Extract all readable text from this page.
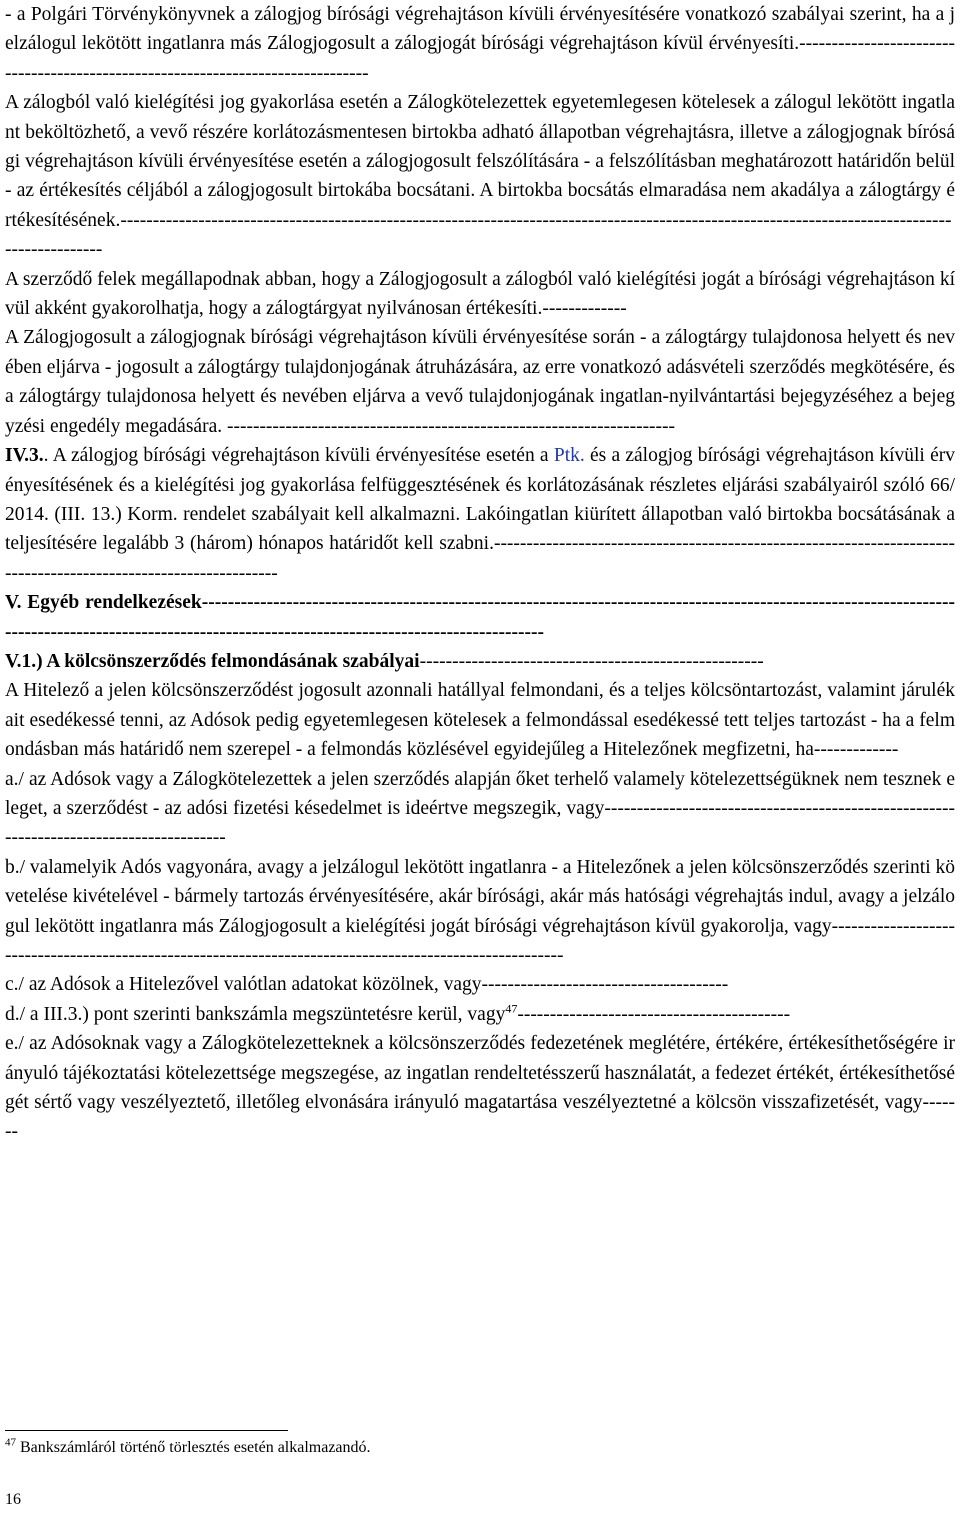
- a Polgári Törvénykönyvnek a zálogjog bírósági végrehajtáson kívüli érvényesítésére vonatkozó szabályai szerint, ha a jelzálogul lekötött ingatlanra más Zálogjogosult a zálogjogát bírósági végrehajtáson kívül érvényesíti.--------------------------------------------------------------------------------

A zálogból való kielégítési jog gyakorlása esetén a Zálogkötelezettek egyetemlegesen kötelesek a zálogul lekötött ingatlant beköltözhető, a vevő részére korlátozásmentesen birtokba adható állapotban végrehajtásra, illetve a zálogjognak bírósági végrehajtáson kívüli érvényesítése esetén a zálogjogosult felszólítására - a felszólításban meghatározott határidőn belül - az értékesítés céljából a zálogjogosult birtokába bocsátani. A birtokba bocsátás elmaradása nem akadálya a zálogtárgy értékesítésének.-----------------------------------------------------------------------------------------------------------------------------------------------

A szerződő felek megállapodnak abban, hogy a Zálogjogosult a zálogból való kielégítési jogát a bírósági végrehajtáson kívül akként gyakorolhatja, hogy a zálogtárgyat nyilvánosan értékesíti.-------------

A Zálogjogosult a zálogjognak bírósági végrehajtáson kívüli érvényesítése során - a zálogtárgy tulajdonosa helyett és nevében eljárva - jogosult a zálogtárgy tulajdonjogának átruházására, az erre vonatkozó adásvételi szerződés megkötésére, és a zálogtárgy tulajdonosa helyett és nevében eljárva a vevő tulajdonjogának ingatlan-nyilvántartási bejegyzéséhez a bejegyzési engedély megadására. ---------------------------------------------------------------------

IV.3.. A zálogjog bírósági végrehajtáson kívüli érvényesítése esetén a Ptk. és a zálogjog bírósági végrehajtáson kívüli érvényesítésének és a kielégítési jog gyakorlása felfüggesztésének és korlátozásának részletes eljárási szabályairól szóló 66/2014. (III. 13.) Korm. rendelet szabályait kell alkalmazni. Lakóingatlan kiürített állapotban való birtokba bocsátásának a teljesítésére legalább 3 (három) hónapos határidőt kell szabni.-----------------------------------------------------------------------------------------------------------------

V. Egyéb rendelkezések-------------------------------------------------------------------------------------------------------------------------------------------------------------------------------------------------------

V.1.) A kölcsönszerződés felmondásának szabályai-----------------------------------------------------

A Hitelező a jelen kölcsönszerződést jogosult azonnali hatállyal felmondani, és a teljes kölcsöntartozást, valamint járulékait esedékessé tenni, az Adósok pedig egyetemlegesen kötelesek a felmondással esedékessé tett teljes tartozást - ha a felmondásban más határidő nem szerepel - a felmondás közlésével egyidejűleg a Hitelezőnek megfizetni, ha-------------

a./ az Adósok vagy a Zálogkötelezettek a jelen szerződés alapján őket terhelő valamely kötelezettségüknek nem tesznek eleget, a szerződést - az adósi fizetési késedelmet is ideértve megszegik, vagy----------------------------------------------------------------------------------------

b./ valamelyik Adós vagyonára, avagy a jelzálogul lekötött ingatlanra - a Hitelezőnek a jelen kölcsönszerződés szerinti követelése kivételével - bármely tartozás érvényesítésére, akár bírósági, akár más hatósági végrehajtás indul, avagy a jelzálogul lekötött ingatlanra más Zálogjogosult a kielégítési jogát bírósági végrehajtáson kívül gyakorolja, vagy---------------------------------------------------------------------------------------------------------

c./ az Adósok a Hitelezővel valótlan adatokat közölnek, vagy--------------------------------------

d./ a III.3.) pont szerinti bankszámla megszüntetésre kerül, vagy$^{47}$------------------------------------------

e./ az Adósoknak vagy a Zálogkötelezetteknek a kölcsönszerződés fedezetének meglétére, értékére, értékesíthetőségére irányuló tájékoztatási kötelezettsége megszegése, az ingatlan rendeltetésszerű használatát, a fedezet értékét, értékesíthetőségét sértő vagy veszélyeztető, illetőleg elvonására irányuló magatartása veszélyeztetné a kölcsön visszafizetését, vagy-------

$^{47}$ Bankszámláról történő törlesztés esetén alkalmazandó.
16
